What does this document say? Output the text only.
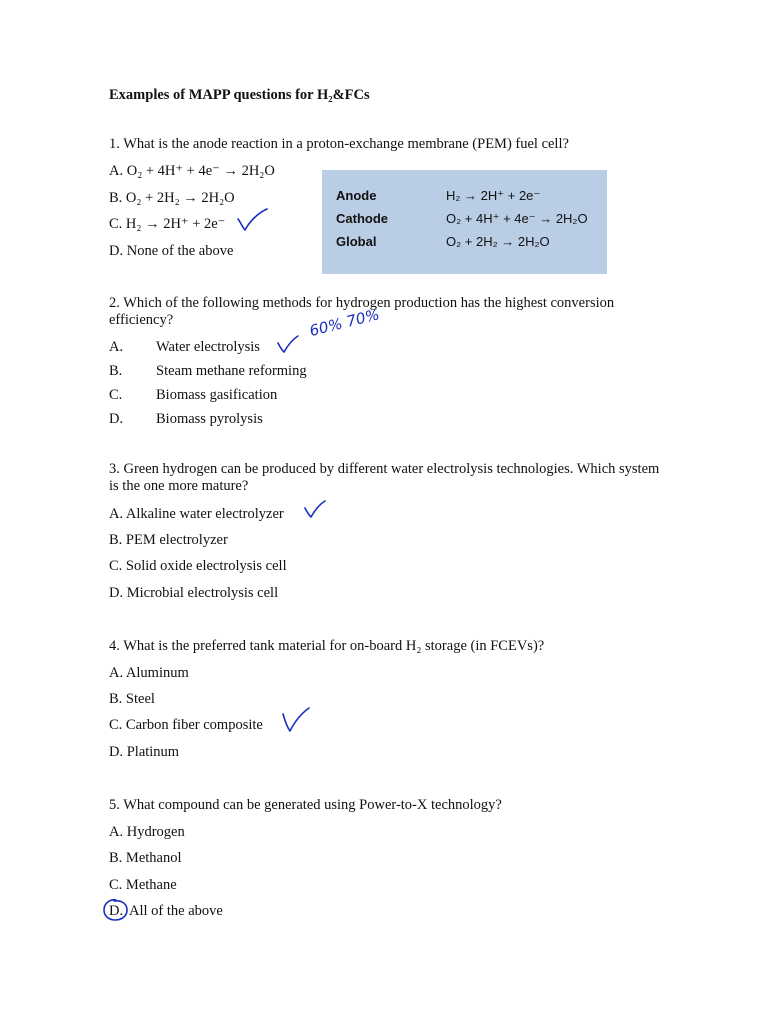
Examples of MAPP questions for H₂&FCs
1. What is the anode reaction in a proton-exchange membrane (PEM) fuel cell?
A. O₂ + 4H⁺ + 4e⁻ → 2H₂O
B. O₂ + 2H₂ → 2H₂O
C. H₂ → 2H⁺ + 2e⁻
D. None of the above
Anode	H₂ → 2H⁺ + 2e⁻
Cathode	O₂ + 4H⁺ + 4e⁻ → 2H₂O
Global	O₂ + 2H₂ → 2H₂O
2. Which of the following methods for hydrogen production has the highest conversion efficiency?
A. Water electrolysis
B. Steam methane reforming
C. Biomass gasification
D. Biomass pyrolysis
60% 70%
3. Green hydrogen can be produced by different water electrolysis technologies. Which system is the one more mature?
A. Alkaline water electrolyzer
B. PEM electrolyzer
C. Solid oxide electrolysis cell
D. Microbial electrolysis cell
4. What is the preferred tank material for on-board H₂ storage (in FCEVs)?
A. Aluminum
B. Steel
C. Carbon fiber composite
D. Platinum
5. What compound can be generated using Power-to-X technology?
A. Hydrogen
B. Methanol
C. Methane
D. All of the above
